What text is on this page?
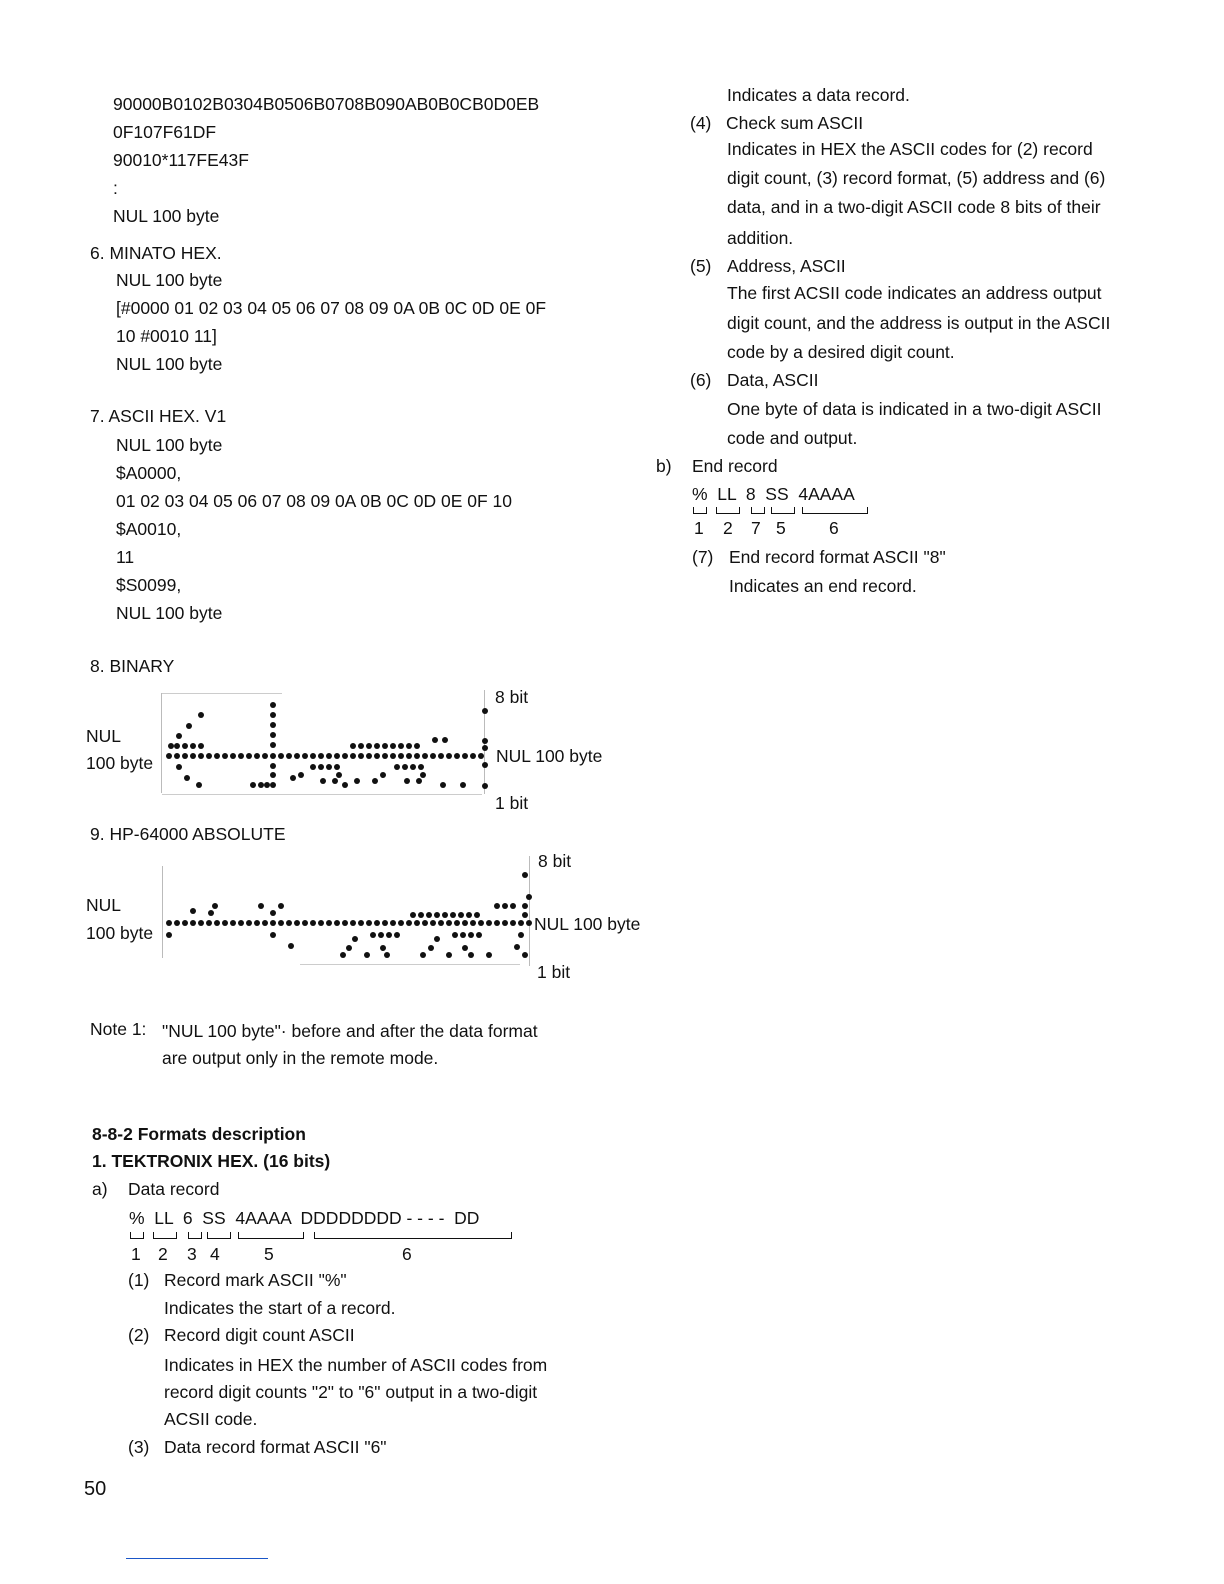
90000B0102B0304B0506B0708B090AB0B0CB0D0EB
0F107F61DF
90010*117FE43F
:
NUL 100 byte
6. MINATO HEX.
NUL 100 byte
[#0000 01 02 03 04 05 06 07 08 09 0A 0B 0C 0D 0E 0F
10 #0010 11]
NUL 100 byte
7. ASCII HEX. V1
NUL 100 byte
$A0000,
01 02 03 04 05 06 07 08 09 0A 0B 0C 0D 0E 0F 10
$A0010,
11
$S0099,
NUL 100 byte
8. BINARY
NUL
100 byte
8 bit
NUL 100 byte
1 bit
9. HP-64000 ABSOLUTE
NUL
100 byte
8 bit
NUL 100 byte
1 bit
Note 1: "NUL 100 byte"· before and after the data format
are output only in the remote mode.
8-8-2 Formats description
1. TEKTRONIX HEX. (16 bits)
a) Data record
%  LL  6  SS  4AAAA  DDDDDDDD - - - -  DD
1 2 3 4	5	6
(1) Record mark ASCII "%"
Indicates the start of a record.
(2) Record digit count ASCII
Indicates in HEX the number of ASCII codes from
record digit counts "2" to "6" output in a two-digit
ACSII code.
(3) Data record format ASCII "6"
50
Indicates a data record.
(4) Check sum ASCII
Indicates in HEX the ASCII codes for (2) record
digit count, (3) record format, (5) address and (6)
data, and in a two-digit ASCII code 8 bits of their
addition.
(5) Address, ASCII
The first ACSII code indicates an address output
digit count, and the address is output in the ASCII
code by a desired digit count.
(6) Data, ASCII
One byte of data is indicated in a two-digit ASCII
code and output.
b) End record
%  LL  8  SS  4AAAA
1 2 7 5 6
(7) End record format ASCII "8"
Indicates an end record.
